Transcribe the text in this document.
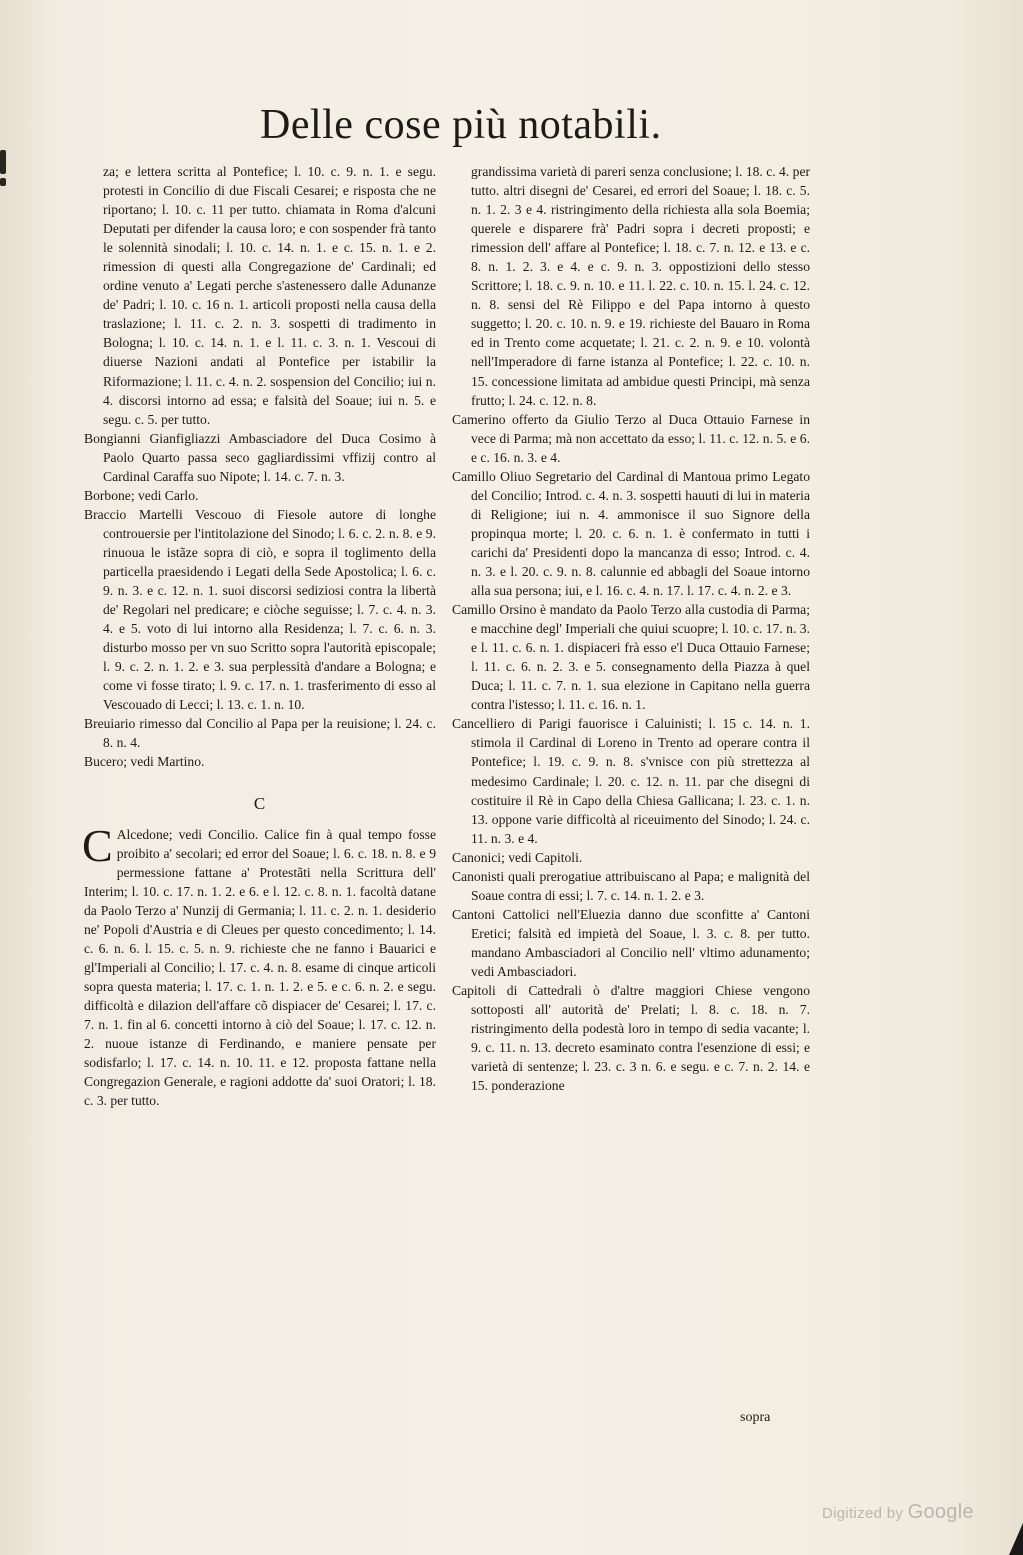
Delle cose più notabili.

za; e lettera scritta al Pontefice; l. 10. c. 9. n. 1. e segu. protesti in Concilio di due Fiscali Cesarei; e risposta che ne riportano; l. 10. c. 11 per tutto. chiamata in Roma d'alcuni Deputati per difender la causa loro; e con sospender frà tanto le solennità sinodali; l. 10. c. 14. n. 1. e c. 15. n. 1. e 2. rimession di questi alla Congregazione de' Cardinali; ed ordine venuto a' Legati perche s'astenessero dalle Adunanze de' Padri; l. 10. c. 16 n. 1. articoli proposti nella causa della traslazione; l. 11. c. 2. n. 3. sospetti di tradimento in Bologna; l. 10. c. 14. n. 1. e l. 11. c. 3. n. 1. Vescoui di diuerse Nazioni andati al Pontefice per istabilir la Riformazione; l. 11. c. 4. n. 2. sospension del Concilio; iui n. 4. discorsi intorno ad essa; e falsità del Soaue; iui n. 5. e segu. c. 5. per tutto.

Bongianni Gianfigliazzi Ambasciadore del Duca Cosimo à Paolo Quarto passa seco gagliardissimi vffizij contro al Cardinal Caraffa suo Nipote; l. 14. c. 7. n. 3.

Borbone; vedi Carlo.

Braccio Martelli Vescouo di Fiesole autore di longhe controuersie per l'intitolazione del Sinodo; l. 6. c. 2. n. 8. e 9. rinuoua le istãze sopra di ciò, e sopra il toglimento della particella praesidendo i Legati della Sede Apostolica; l. 6. c. 9. n. 3. e c. 12. n. 1. suoi discorsi sediziosi contra la libertà de' Regolari nel predicare; e ciòche seguisse; l. 7. c. 4. n. 3. 4. e 5. voto di lui intorno alla Residenza; l. 7. c. 6. n. 3. disturbo mosso per vn suo Scritto sopra l'autorità episcopale; l. 9. c. 2. n. 1. 2. e 3. sua perplessità d'andare a Bologna; e come vi fosse tirato; l. 9. c. 17. n. 1. trasferimento di esso al Vescouado di Lecci; l. 13. c. 1. n. 10.

Breuiario rimesso dal Concilio al Papa per la reuisione; l. 24. c. 8. n. 4.

Bucero; vedi Martino.

C

C Alcedone; vedi Concilio. Calice fin à qual tempo fosse proibito a' secolari; ed error del Soaue; l. 6. c. 18. n. 8. e 9 permessione fattane a' Protestãti nella Scrittura dell' Interim; l. 10. c. 17. n. 1. 2. e 6. e l. 12. c. 8. n. 1. facoltà datane da Paolo Terzo a' Nunzij di Germania; l. 11. c. 2. n. 1. desiderio ne' Popoli d'Austria e di Cleues per questo concedimento; l. 14. c. 6. n. 6. l. 15. c. 5. n. 9. richieste che ne fanno i Bauarici e gl'Imperiali al Concilio; l. 17. c. 4. n. 8. esame di cinque articoli sopra questa materia; l. 17. c. 1. n. 1. 2. e 5. e c. 6. n. 2. e segu. difficoltà e dilazion dell'affare cõ dispiacer de' Cesarei; l. 17. c. 7. n. 1. fin al 6. concetti intorno à ciò del Soaue; l. 17. c. 12. n. 2. nuoue istanze di Ferdinando, e maniere pensate per sodisfarlo; l. 17. c. 14. n. 10. 11. e 12. proposta fattane nella Congregazion Generale, e ragioni addotte da' suoi Oratori; l. 18. c. 3. per tutto.

grandissima varietà di pareri senza conclusione; l. 18. c. 4. per tutto. altri disegni de' Cesarei, ed errori del Soaue; l. 18. c. 5. n. 1. 2. 3 e 4. ristringimento della richiesta alla sola Boemia; querele e disparere frà' Padri sopra i decreti proposti; e rimession dell' affare al Pontefice; l. 18. c. 7. n. 12. e 13. e c. 8. n. 1. 2. 3. e 4. e c. 9. n. 3. oppostizioni dello stesso Scrittore; l. 18. c. 9. n. 10. e 11. l. 22. c. 10. n. 15. l. 24. c. 12. n. 8. sensi del Rè Filippo e del Papa intorno à questo suggetto; l. 20. c. 10. n. 9. e 19. richieste del Bauaro in Roma ed in Trento come acquetate; l. 21. c. 2. n. 9. e 10. volontà nell'Imperadore di farne istanza al Pontefice; l. 22. c. 10. n. 15. concessione limitata ad ambidue questi Principi, mà senza frutto; l. 24. c. 12. n. 8.

Camerino offerto da Giulio Terzo al Duca Ottauio Farnese in vece di Parma; mà non accettato da esso; l. 11. c. 12. n. 5. e 6. e c. 16. n. 3. e 4.

Camillo Oliuo Segretario del Cardinal di Mantoua primo Legato del Concilio; Introd. c. 4. n. 3. sospetti hauuti di lui in materia di Religione; iui n. 4. ammonisce il suo Signore della propinqua morte; l. 20. c. 6. n. 1. è confermato in tutti i carichi da' Presidenti dopo la mancanza di esso; Introd. c. 4. n. 3. e l. 20. c. 9. n. 8. calunnie ed abbagli del Soaue intorno alla sua persona; iui, e l. 16. c. 4. n. 17. l. 17. c. 4. n. 2. e 3.

Camillo Orsino è mandato da Paolo Terzo alla custodia di Parma; e macchine degl' Imperiali che quiui scuopre; l. 10. c. 17. n. 3. e l. 11. c. 6. n. 1. dispiaceri frà esso e'l Duca Ottauio Farnese; l. 11. c. 6. n. 2. 3. e 5. consegnamento della Piazza à quel Duca; l. 11. c. 7. n. 1. sua elezione in Capitano nella guerra contra l'istesso; l. 11. c. 16. n. 1.

Cancelliero di Parigi fauorisce i Caluinisti; l. 15 c. 14. n. 1. stimola il Cardinal di Loreno in Trento ad operare contra il Pontefice; l. 19. c. 9. n. 8. s'vnisce con più strettezza al medesimo Cardinale; l. 20. c. 12. n. 11. par che disegni di costituire il Rè in Capo della Chiesa Gallicana; l. 23. c. 1. n. 13. oppone varie difficoltà al riceuimento del Sinodo; l. 24. c. 11. n. 3. e 4.

Canonici; vedi Capitoli.

Canonisti quali prerogatiue attribuiscano al Papa; e malignità del Soaue contra di essi; l. 7. c. 14. n. 1. 2. e 3.

Cantoni Cattolici nell'Eluezia danno due sconfitte a' Cantoni Eretici; falsità ed impietà del Soaue, l. 3. c. 8. per tutto. mandano Ambasciadori al Concilio nell' vltimo adunamento; vedi Ambasciadori.

Capitoli di Cattedrali ò d'altre maggiori Chiese vengono sottoposti all' autorità de' Prelati; l. 8. c. 18. n. 7. ristringimento della podestà loro in tempo di sedia vacante; l. 9. c. 11. n. 13. decreto esaminato contra l'esenzione di essi; e varietà di sentenze; l. 23. c. 3 n. 6. e segu. e c. 7. n. 2. 14. e 15. ponderazione

sopra
Digitized by Google
